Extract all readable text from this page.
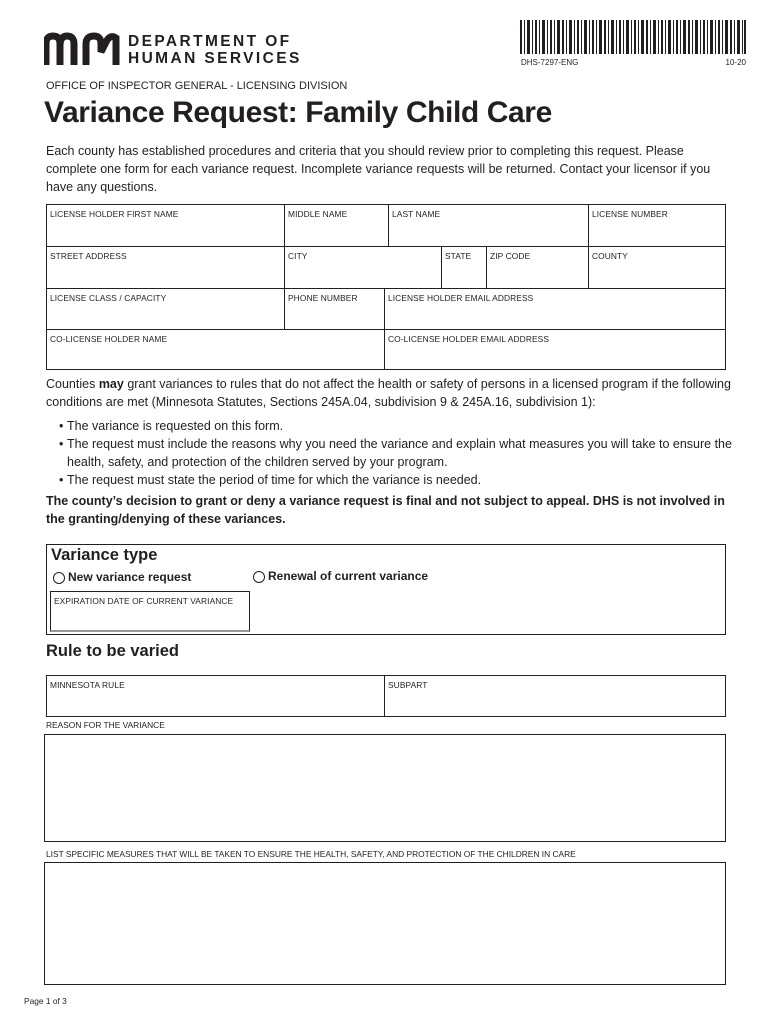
DEPARTMENT OF
HUMAN SERVICES	DHS-7297-ENG	10-20
OFFICE OF INSPECTOR GENERAL - LICENSING DIVISION
Variance Request: Family Child Care
Each county has established procedures and criteria that you should review prior to completing this request. Please complete one form for each variance request. Incomplete variance requests will be returned. Contact your licensor if you have any questions.
LICENSE HOLDER FIRST NAME	MIDDLE NAME	LAST NAME	LICENSE NUMBER
STREET ADDRESS	CITY	STATE	ZIP CODE	COUNTY
LICENSE CLASS / CAPACITY	PHONE NUMBER	LICENSE HOLDER EMAIL ADDRESS
CO-LICENSE HOLDER NAME	CO-LICENSE HOLDER EMAIL ADDRESS
Counties may grant variances to rules that do not affect the health or safety of persons in a licensed program if the following conditions are met (Minnesota Statutes, Sections 245A.04, subdivision 9 & 245A.16, subdivision 1):
• The variance is requested on this form.
• The request must include the reasons why you need the variance and explain what measures you will take to ensure the health, safety, and protection of the children served by your program.
• The request must state the period of time for which the variance is needed.
The county’s decision to grant or deny a variance request is final and not subject to appeal. DHS is not involved in the granting/denying of these variances.
Variance type
New variance request	Renewal of current variance
EXPIRATION DATE OF CURRENT VARIANCE
Rule to be varied
MINNESOTA RULE	SUBPART
REASON FOR THE VARIANCE
LIST SPECIFIC MEASURES THAT WILL BE TAKEN TO ENSURE THE HEALTH, SAFETY, AND PROTECTION OF THE CHILDREN IN CARE
Page 1 of 3
